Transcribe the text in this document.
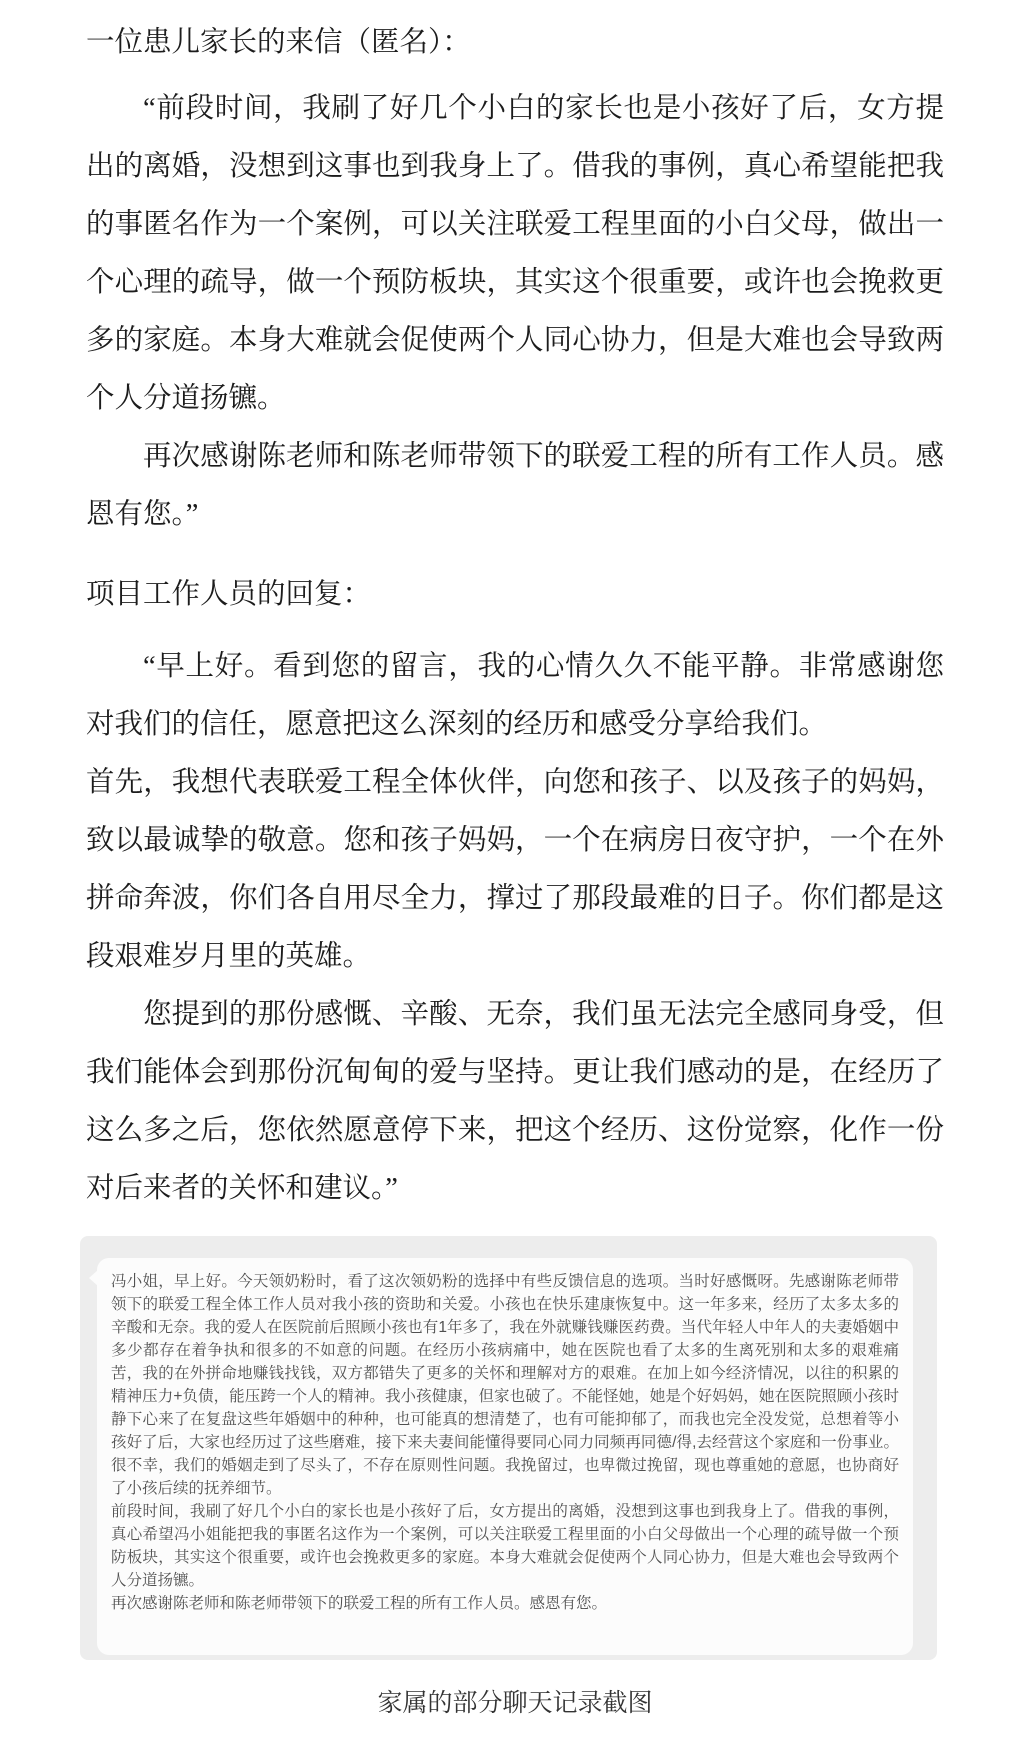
一位患儿家长的来信（匿名）：

“前段时间，我刷了好几个小白的家长也是小孩好了后，女方提出的离婚，没想到这事也到我身上了。借我的事例，真心希望能把我的事匿名作为一个案例，可以关注联爱工程里面的小白父母，做出一个心理的疏导，做一个预防板块，其实这个很重要，或许也会挽救更多的家庭。本身大难就会促使两个人同心协力，但是大难也会导致两个人分道扬镳。

再次感谢陈老师和陈老师带领下的联爱工程的所有工作人员。感恩有您。”

项目工作人员的回复：

“早上好。看到您的留言，我的心情久久不能平静。非常感谢您对我们的信任，愿意把这么深刻的经历和感受分享给我们。

首先，我想代表联爱工程全体伙伴，向您和孩子、以及孩子的妈妈，致以最诚挚的敬意。您和孩子妈妈，一个在病房日夜守护，一个在外拼命奔波，你们各自用尽全力，撑过了那段最难的日子。你们都是这段艰难岁月里的英雄。

您提到的那份感慨、辛酸、无奈，我们虽无法完全感同身受，但我们能体会到那份沉甸甸的爱与坚持。更让我们感动的是，在经历了这么多之后，您依然愿意停下来，把这个经历、这份觉察，化作一份对后来者的关怀和建议。”

冯小姐，早上好。今天领奶粉时，看了这次领奶粉的选择中有些反馈信息的选项。当时好感慨呀。先感谢陈老师带领下的联爱工程全体工作人员对我小孩的资助和关爱。小孩也在快乐建康恢复中。这一年多来，经历了太多太多的辛酸和无奈。我的爱人在医院前后照顾小孩也有1年多了，我在外就赚钱赚医药费。当代年轻人中年人的夫妻婚姻中多少都存在着争执和很多的不如意的问题。在经历小孩病痛中，她在医院也看了太多的生离死别和太多的艰难痛苦，我的在外拼命地赚钱找钱，双方都错失了更多的关怀和理解对方的艰难。在加上如今经济情况，以往的积累的精神压力+负债，能压跨一个人的精神。我小孩健康，但家也破了。不能怪她，她是个好妈妈，她在医院照顾小孩时静下心来了在复盘这些年婚姻中的种种，也可能真的想清楚了，也有可能抑郁了，而我也完全没发觉，总想着等小孩好了后，大家也经历过了这些磨难，接下来夫妻间能懂得要同心同力同频再同德/得,去经营这个家庭和一份事业。很不幸，我们的婚姻走到了尽头了，不存在原则性问题。我挽留过，也卑微过挽留，现也尊重她的意愿，也协商好了小孩后续的抚养细节。

前段时间，我刷了好几个小白的家长也是小孩好了后，女方提出的离婚，没想到这事也到我身上了。借我的事例，真心希望冯小姐能把我的事匿名这作为一个案例，可以关注联爱工程里面的小白父母做出一个心理的疏导做一个预防板块，其实这个很重要，或许也会挽救更多的家庭。本身大难就会促使两个人同心协力，但是大难也会导致两个人分道扬镳。

再次感谢陈老师和陈老师带领下的联爱工程的所有工作人员。感恩有您。

家属的部分聊天记录截图
